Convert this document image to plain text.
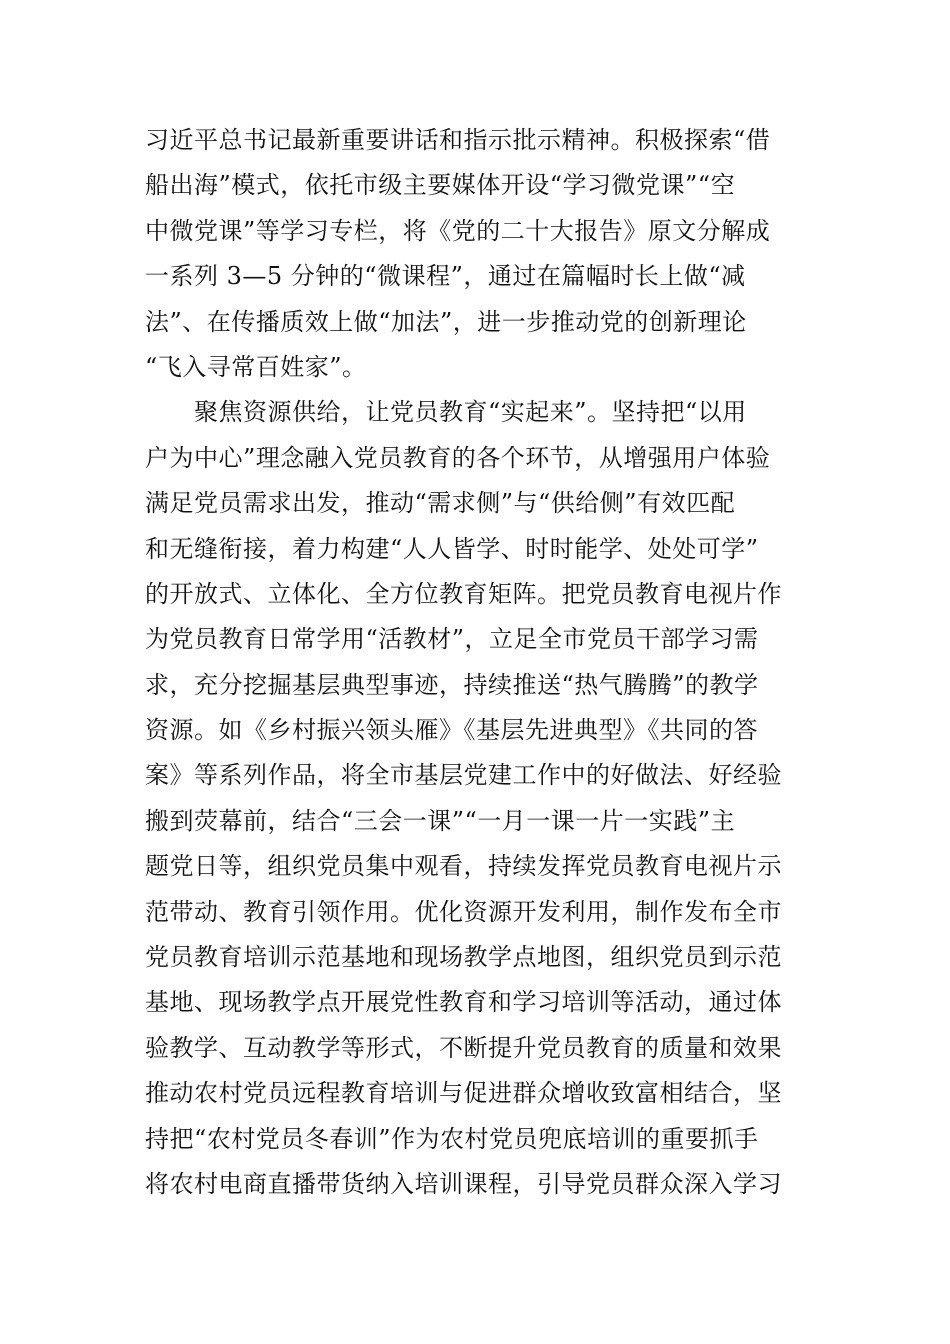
习近平总书记最新重要讲话和指示批示精神。积极探索“借
船出海”模式，依托市级主要媒体开设“学习微党课”“空
中微党课”等学习专栏，将《党的二十大报告》原文分解成
一系列 3—5 分钟的“微课程”，通过在篇幅时长上做“减
法”、在传播质效上做“加法”，进一步推动党的创新理论
“飞入寻常百姓家”。
聚焦资源供给，让党员教育“实起来”。坚持把“以用
户为中心”理念融入党员教育的各个环节，从增强用户体验
满足党员需求出发，推动“需求侧”与“供给侧”有效匹配
和无缝衔接，着力构建“人人皆学、时时能学、处处可学”
的开放式、立体化、全方位教育矩阵。把党员教育电视片作
为党员教育日常学用“活教材”，立足全市党员干部学习需
求，充分挖掘基层典型事迹，持续推送“热气腾腾”的教学
资源。如《乡村振兴领头雁》《基层先进典型》《共同的答
案》等系列作品，将全市基层党建工作中的好做法、好经验
搬到荧幕前，结合“三会一课”“一月一课一片一实践”主
题党日等，组织党员集中观看，持续发挥党员教育电视片示
范带动、教育引领作用。优化资源开发利用，制作发布全市
党员教育培训示范基地和现场教学点地图，组织党员到示范
基地、现场教学点开展党性教育和学习培训等活动，通过体
验教学、互动教学等形式，不断提升党员教育的质量和效果
推动农村党员远程教育培训与促进群众增收致富相结合，坚
持把“农村党员冬春训”作为农村党员兜底培训的重要抓手
将农村电商直播带货纳入培训课程，引导党员群众深入学习
